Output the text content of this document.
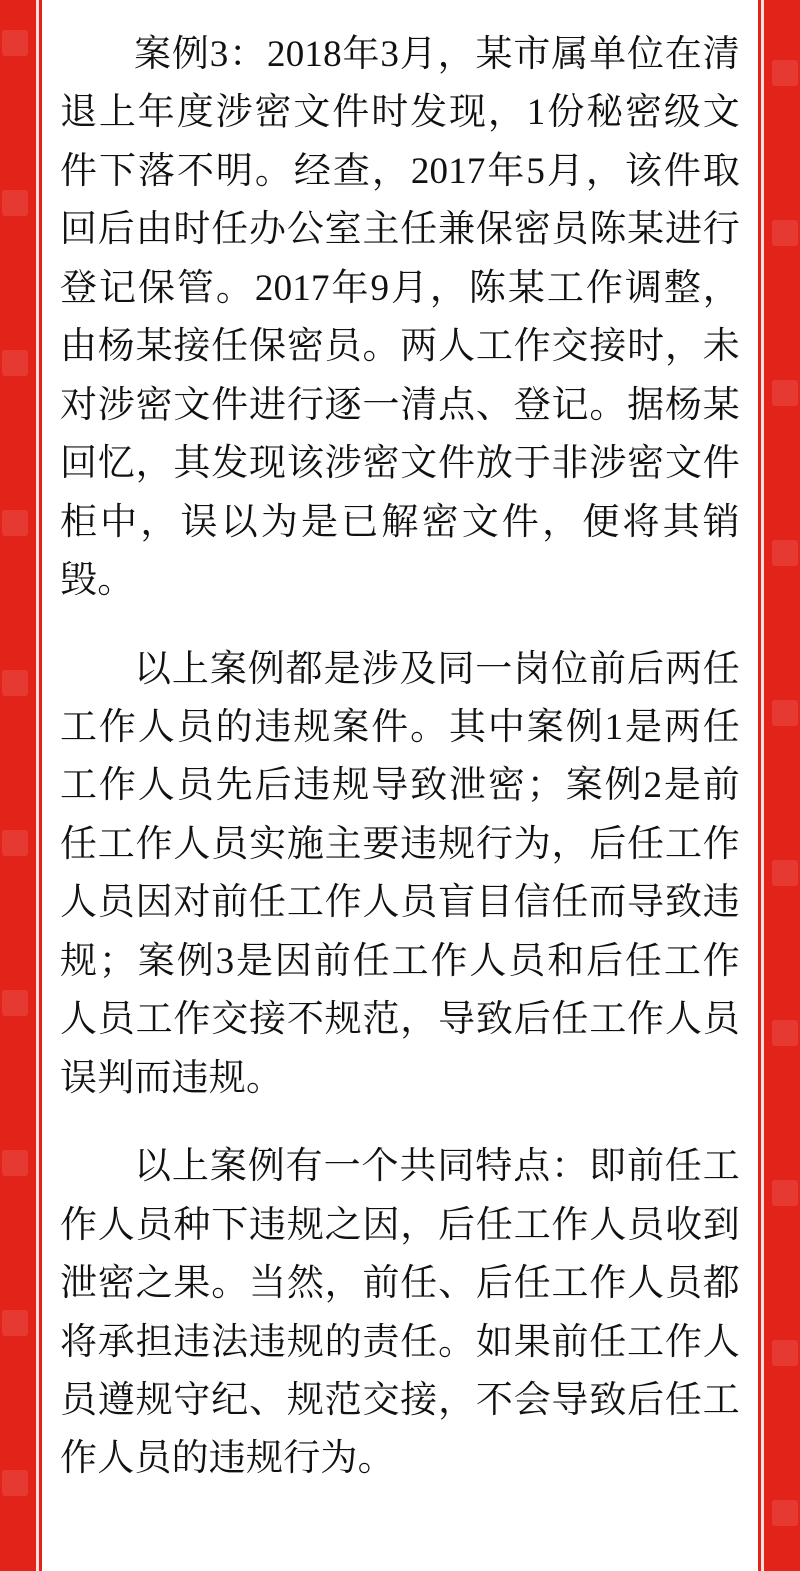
案例3：2018年3月，某市属单位在清退上年度涉密文件时发现，1份秘密级文件下落不明。经查，2017年5月，该件取回后由时任办公室主任兼保密员陈某进行登记保管。2017年9月，陈某工作调整，由杨某接任保密员。两人工作交接时，未对涉密文件进行逐一清点、登记。据杨某回忆，其发现该涉密文件放于非涉密文件柜中，误以为是已解密文件，便将其销毁。

以上案例都是涉及同一岗位前后两任工作人员的违规案件。其中案例1是两任工作人员先后违规导致泄密；案例2是前任工作人员实施主要违规行为，后任工作人员因对前任工作人员盲目信任而导致违规；案例3是因前任工作人员和后任工作人员工作交接不规范，导致后任工作人员误判而违规。

以上案例有一个共同特点：即前任工作人员种下违规之因，后任工作人员收到泄密之果。当然，前任、后任工作人员都将承担违法违规的责任。如果前任工作人员遵规守纪、规范交接，不会导致后任工作人员的违规行为。
